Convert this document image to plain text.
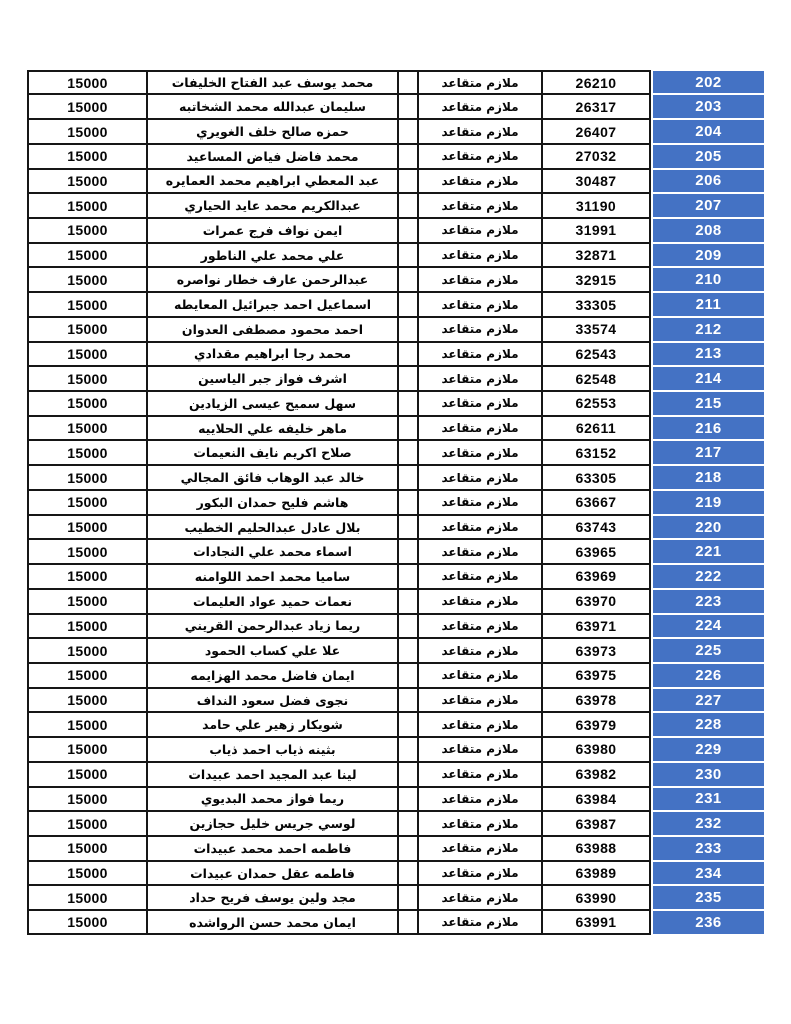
15000	محمد يوسف عبد الفتاح الخليفات		ملازم متقاعد	26210		202
15000	سليمان عبدالله محمد الشخاتبه		ملازم متقاعد	26317		203
15000	حمزه صالح خلف الغويري		ملازم متقاعد	26407		204
15000	محمد فاضل فياض المساعيد		ملازم متقاعد	27032		205
15000	عبد المعطي ابراهيم محمد العمايره		ملازم متقاعد	30487		206
15000	عبدالكريم محمد عايد الحياري		ملازم متقاعد	31190		207
15000	ايمن نواف فرج عمرات		ملازم متقاعد	31991		208
15000	علي محمد علي الناطور		ملازم متقاعد	32871		209
15000	عبدالرحمن عارف خطار نواصره		ملازم متقاعد	32915		210
15000	اسماعيل احمد جبرائيل المعايطه		ملازم متقاعد	33305		211
15000	احمد محمود مصطفى العدوان		ملازم متقاعد	33574		212
15000	محمد رجا ابراهيم مقدادي		ملازم متقاعد	62543		213
15000	اشرف فواز جبر الياسين		ملازم متقاعد	62548		214
15000	سهل سميح عيسى الزيادين		ملازم متقاعد	62553		215
15000	ماهر خليفه علي الحلاييه		ملازم متقاعد	62611		216
15000	صلاح اكريم نايف النعيمات		ملازم متقاعد	63152		217
15000	خالد عبد الوهاب فائق المجالي		ملازم متقاعد	63305		218
15000	هاشم فليح حمدان البكور		ملازم متقاعد	63667		219
15000	بلال عادل عبدالحليم الخطيب		ملازم متقاعد	63743		220
15000	اسماء محمد علي النجادات		ملازم متقاعد	63965		221
15000	ساميا محمد احمد اللوامنه		ملازم متقاعد	63969		222
15000	نعمات حميد عواد العليمات		ملازم متقاعد	63970		223
15000	ريما زياد عبدالرحمن القريني		ملازم متقاعد	63971		224
15000	علا علي كساب الحمود		ملازم متقاعد	63973		225
15000	ايمان فاضل محمد الهزايمه		ملازم متقاعد	63975		226
15000	نجوى فضل سعود النداف		ملازم متقاعد	63978		227
15000	شويكار زهير علي حامد		ملازم متقاعد	63979		228
15000	بثينه ذياب احمد ذياب		ملازم متقاعد	63980		229
15000	لينا عبد المجيد احمد عبيدات		ملازم متقاعد	63982		230
15000	ريما فواز محمد البديوي		ملازم متقاعد	63984		231
15000	لوسي جريس خليل حجازين		ملازم متقاعد	63987		232
15000	فاطمه احمد محمد عبيدات		ملازم متقاعد	63988		233
15000	فاطمه عقل حمدان عبيدات		ملازم متقاعد	63989		234
15000	مجد ولين يوسف فريح حداد		ملازم متقاعد	63990		235
15000	ايمان محمد حسن الرواشده		ملازم متقاعد	63991		236
